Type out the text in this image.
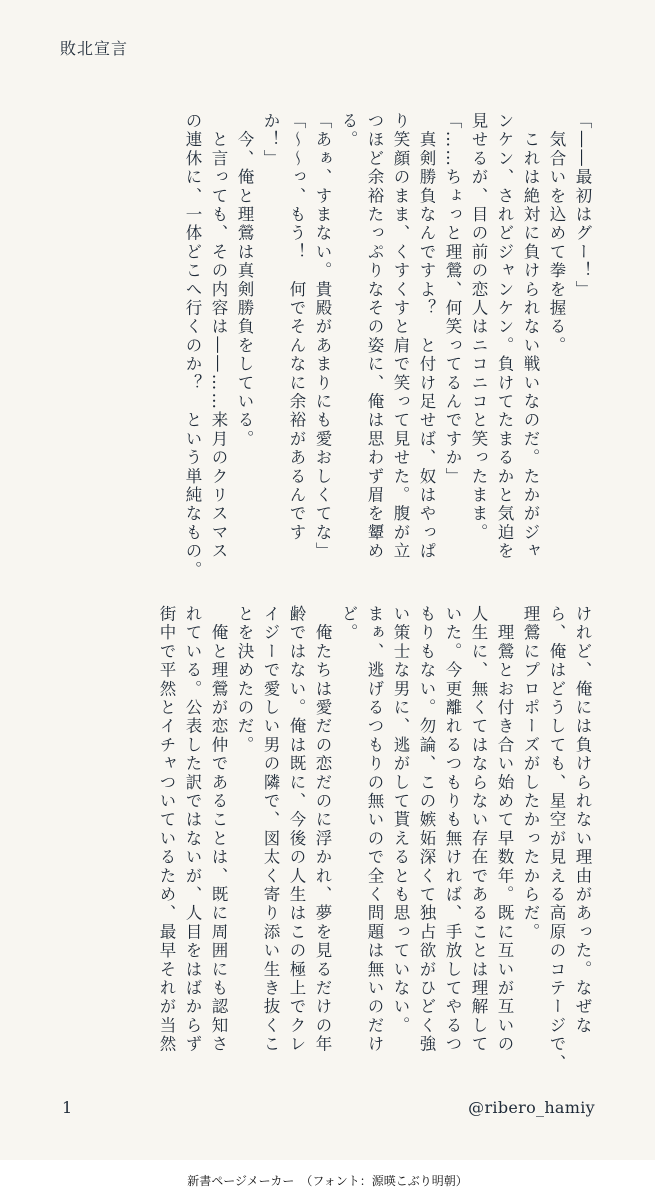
敗北宣言

「――最初はグー！」
　気合いを込めて拳を握る。
　これは絶対に負けられない戦いなのだ。たかがジャ
ンケン、されどジャンケン。負けてたまるかと気迫を
見せるが、目の前の恋人はニコニコと笑ったまま。
「……ちょっと理鶯、何笑ってるんですか」
　真剣勝負なんですよ？　と付け足せば、奴はやっぱ
り笑顔のまま、くすくすと肩で笑って見せた。腹が立
つほど余裕たっぷりなその姿に、俺は思わず眉を顰め
る。
「あぁ、すまない。貴殿があまりにも愛おしくてな」
「～～っ、もう！　何でそんなに余裕があるんです
か！」
　今、俺と理鶯は真剣勝負をしている。
　と言っても、その内容は――……来月のクリスマス
の連休に、一体どこへ行くのか？　という単純なもの。

けれど、俺には負けられない理由があった。なぜな
ら、俺はどうしても、星空が見える高原のコテージで、
理鶯にプロポーズがしたかったからだ。
　理鶯とお付き合い始めて早数年。既に互いが互いの
人生に、無くてはならない存在であることは理解して
いた。今更離れるつもりも無ければ、手放してやるつ
もりもない。勿論、この嫉妬深くて独占欲がひどく強
い策士な男に、逃がして貰えるとも思っていない。
まぁ、逃げるつもりの無いので全く問題は無いのだけ
ど。
　俺たちは愛だの恋だのに浮かれ、夢を見るだけの年
齢ではない。俺は既に、今後の人生はこの極上でクレ
イジーで愛しい男の隣で、図太く寄り添い生き抜くこ
とを決めたのだ。
　俺と理鶯が恋仲であることは、既に周囲にも認知さ
れている。公表した訳ではないが、人目をはばからず
街中で平然とイチャついているため、最早それが当然

1	@ribero_hamiy
新書ページメーカー　（フォント：源暎こぶり明朝）
